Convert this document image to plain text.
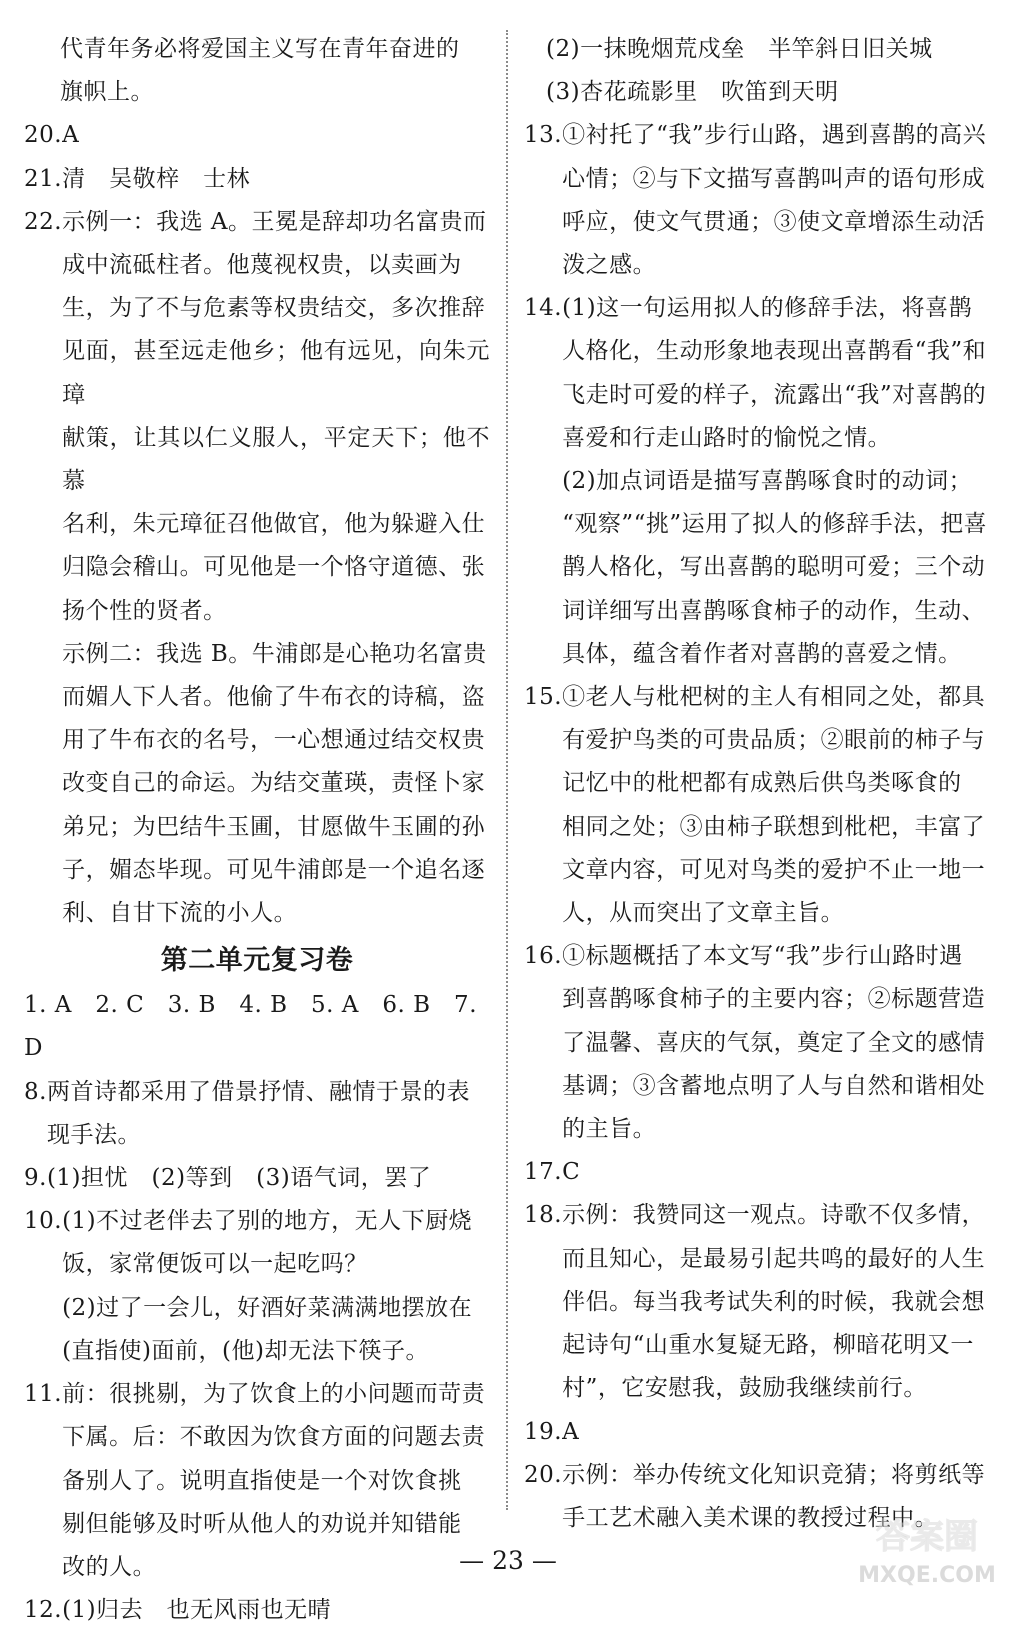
代青年务必将爱国主义写在青年奋进的
旗帜上。
20. A
21. 清　吴敬梓　士林
22. 示例一：我选 A。王冕是辞却功名富贵而
成中流砥柱者。他蔑视权贵，以卖画为
生，为了不与危素等权贵结交，多次推辞
见面，甚至远走他乡；他有远见，向朱元璋
献策，让其以仁义服人，平定天下；他不慕
名利，朱元璋征召他做官，他为躲避入仕
归隐会稽山。可见他是一个恪守道德、张
扬个性的贤者。
示例二：我选 B。牛浦郎是心艳功名富贵
而媚人下人者。他偷了牛布衣的诗稿，盗
用了牛布衣的名号，一心想通过结交权贵
改变自己的命运。为结交董瑛，责怪卜家
弟兄；为巴结牛玉圃，甘愿做牛玉圃的孙
子，媚态毕现。可见牛浦郎是一个追名逐
利、自甘下流的小人。
第二单元复习卷
1. A　2. C　3. B　4. B　5. A　6. B　7. D
8. 两首诗都采用了借景抒情、融情于景的表
现手法。
9. (1)担忧　(2)等到　(3)语气词，罢了
10. (1)不过老伴去了别的地方，无人下厨烧
饭，家常便饭可以一起吃吗？
(2)过了一会儿，好酒好菜满满地摆放在
(直指使)面前，(他)却无法下筷子。
11. 前：很挑剔，为了饮食上的小问题而苛责
下属。后：不敢因为饮食方面的问题去责
备别人了。说明直指使是一个对饮食挑
剔但能够及时听从他人的劝说并知错能
改的人。
12. (1)归去　也无风雨也无晴
(2)一抹晚烟荒戍垒　半竿斜日旧关城
(3)杏花疏影里　吹笛到天明
13. ①衬托了“我”步行山路，遇到喜鹊的高兴
心情；②与下文描写喜鹊叫声的语句形成
呼应，使文气贯通；③使文章增添生动活
泼之感。
14. (1)这一句运用拟人的修辞手法，将喜鹊
人格化，生动形象地表现出喜鹊看“我”和
飞走时可爱的样子，流露出“我”对喜鹊的
喜爱和行走山路时的愉悦之情。
(2)加点词语是描写喜鹊啄食时的动词；
“观察”“挑”运用了拟人的修辞手法，把喜
鹊人格化，写出喜鹊的聪明可爱；三个动
词详细写出喜鹊啄食柿子的动作，生动、
具体，蕴含着作者对喜鹊的喜爱之情。
15. ①老人与枇杷树的主人有相同之处，都具
有爱护鸟类的可贵品质；②眼前的柿子与
记忆中的枇杷都有成熟后供鸟类啄食的
相同之处；③由柿子联想到枇杷，丰富了
文章内容，可见对鸟类的爱护不止一地一
人，从而突出了文章主旨。
16. ①标题概括了本文写“我”步行山路时遇
到喜鹊啄食柿子的主要内容；②标题营造
了温馨、喜庆的气氛，奠定了全文的感情
基调；③含蓄地点明了人与自然和谐相处
的主旨。
17. C
18. 示例：我赞同这一观点。诗歌不仅多情，
而且知心，是最易引起共鸣的最好的人生
伴侣。每当我考试失利的时候，我就会想
起诗句“山重水复疑无路，柳暗花明又一
村”，它安慰我，鼓励我继续前行。
19. A
20. 示例：举办传统文化知识竞猜；将剪纸等
手工艺术融入美术课的教授过程中。
— 23 —
答案圈
MXQE.COM
